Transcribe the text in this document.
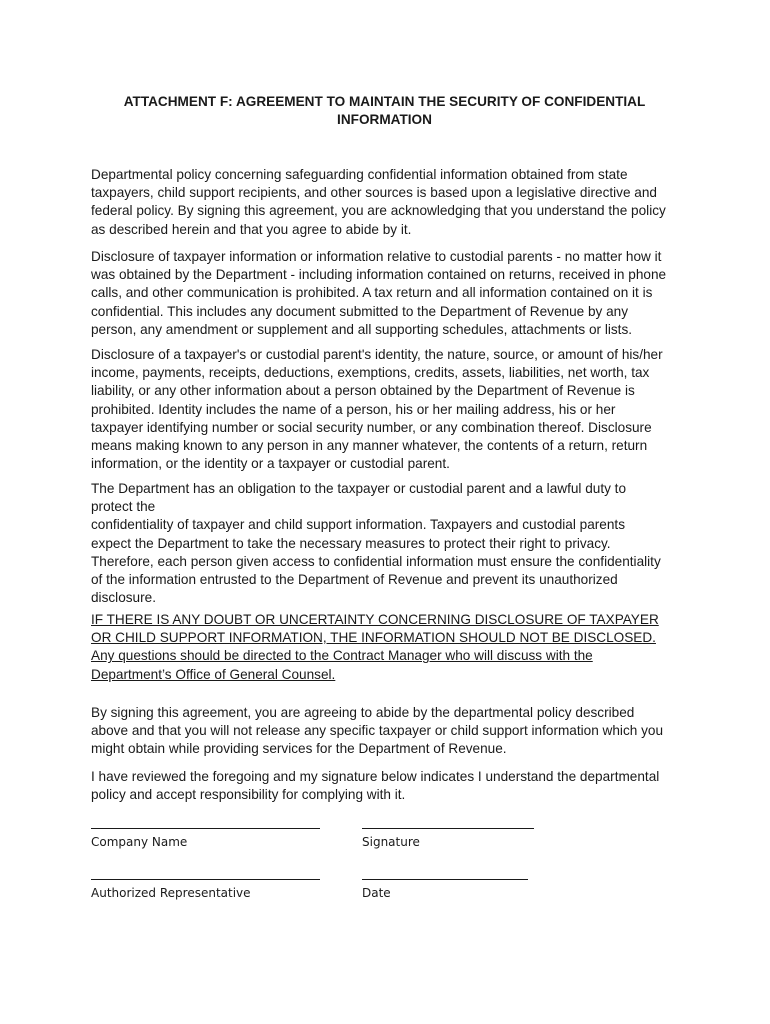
ATTACHMENT F: AGREEMENT TO MAINTAIN THE SECURITY OF CONFIDENTIAL
INFORMATION

Departmental policy concerning safeguarding confidential information obtained from state
taxpayers, child support recipients, and other sources is based upon a legislative directive and
federal policy. By signing this agreement, you are acknowledging that you understand the policy
as described herein and that you agree to abide by it.

Disclosure of taxpayer information or information relative to custodial parents - no matter how it
was obtained by the Department - including information contained on returns, received in phone
calls, and other communication is prohibited. A tax return and all information contained on it is
confidential. This includes any document submitted to the Department of Revenue by any
person, any amendment or supplement and all supporting schedules, attachments or lists.

Disclosure of a taxpayer's or custodial parent's identity, the nature, source, or amount of his/her
income, payments, receipts, deductions, exemptions, credits, assets, liabilities, net worth, tax
liability, or any other information about a person obtained by the Department of Revenue is
prohibited. Identity includes the name of a person, his or her mailing address, his or her
taxpayer identifying number or social security number, or any combination thereof. Disclosure
means making known to any person in any manner whatever, the contents of a return, return
information, or the identity or a taxpayer or custodial parent.

The Department has an obligation to the taxpayer or custodial parent and a lawful duty to
protect the
confidentiality of taxpayer and child support information. Taxpayers and custodial parents
expect the Department to take the necessary measures to protect their right to privacy.
Therefore, each person given access to confidential information must ensure the confidentiality
of the information entrusted to the Department of Revenue and prevent its unauthorized
disclosure.

IF THERE IS ANY DOUBT OR UNCERTAINTY CONCERNING DISCLOSURE OF TAXPAYER
OR CHILD SUPPORT INFORMATION, THE INFORMATION SHOULD NOT BE DISCLOSED.
Any questions should be directed to the Contract Manager who will discuss with the
Department’s Office of General Counsel.

By signing this agreement, you are agreeing to abide by the departmental policy described
above and that you will not release any specific taxpayer or child support information which you
might obtain while providing services for the Department of Revenue.

I have reviewed the foregoing and my signature below indicates I understand the departmental
policy and accept responsibility for complying with it.

Company Name	Signature
Authorized Representative	Date
